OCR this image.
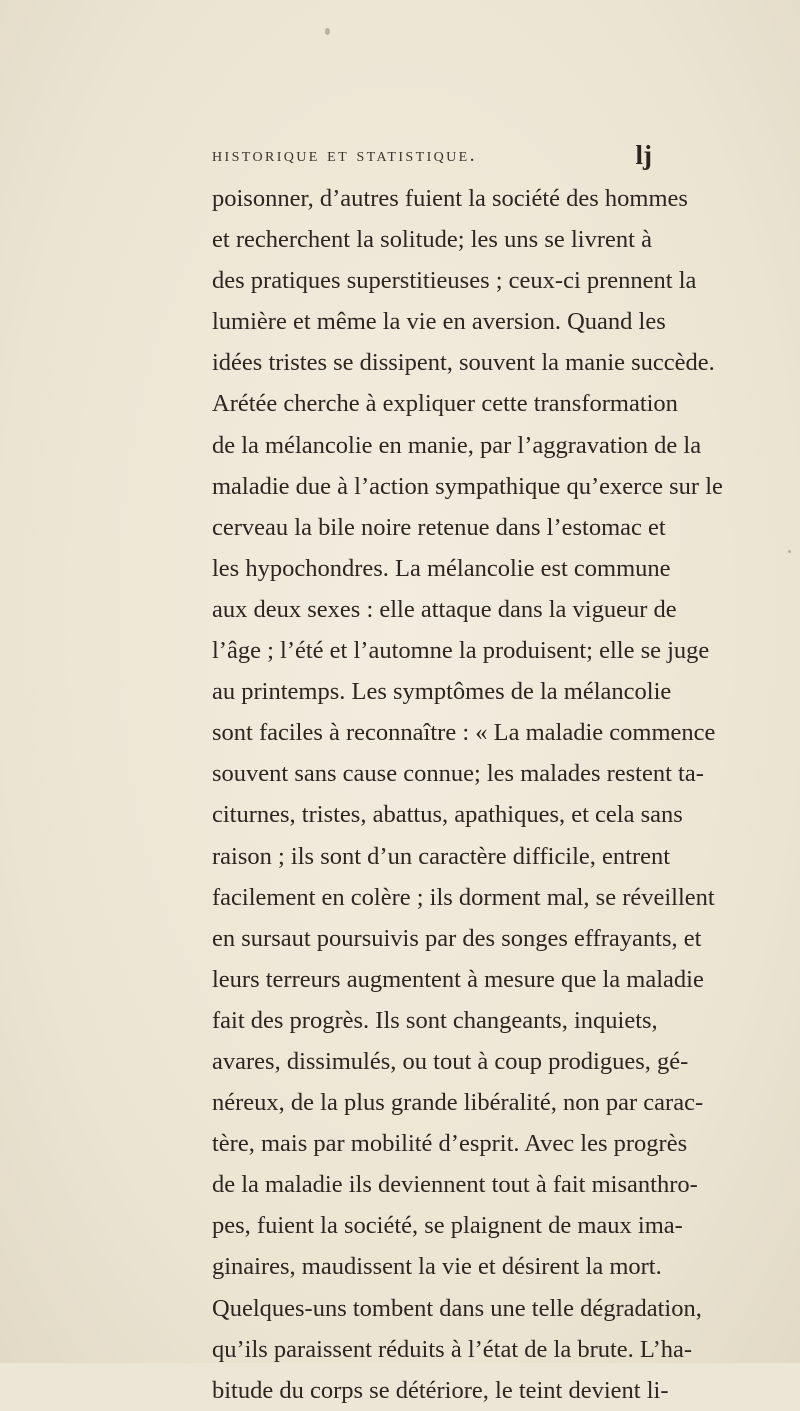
historique et statistique.	lj
poisonner, d’autres fuient la société des hommes
et recherchent la solitude; les uns se livrent à
des pratiques superstitieuses ; ceux-ci prennent la
lumière et même la vie en aversion. Quand les
idées tristes se dissipent, souvent la manie succède.
Arétée cherche à expliquer cette transformation
de la mélancolie en manie, par l’aggravation de la
maladie due à l’action sympathique qu’exerce sur le
cerveau la bile noire retenue dans l’estomac et
les hypochondres. La mélancolie est commune
aux deux sexes : elle attaque dans la vigueur de
l’âge ; l’été et l’automne la produisent; elle se juge
au printemps. Les symptômes de la mélancolie
sont faciles à reconnaître : « La maladie commence
souvent sans cause connue; les malades restent ta-
citurnes, tristes, abattus, apathiques, et cela sans
raison ; ils sont d’un caractère difficile, entrent
facilement en colère ; ils dorment mal, se réveillent
en sursaut poursuivis par des songes effrayants, et
leurs terreurs augmentent à mesure que la maladie
fait des progrès. Ils sont changeants, inquiets,
avares, dissimulés, ou tout à coup prodigues, gé-
néreux, de la plus grande libéralité, non par carac-
tère, mais par mobilité d’esprit. Avec les progrès
de la maladie ils deviennent tout à fait misanthro-
pes, fuient la société, se plaignent de maux ima-
ginaires, maudissent la vie et désirent la mort.
Quelques-uns tombent dans une telle dégradation,
qu’ils paraissent réduits à l’état de la brute. L’ha-
bitude du corps se détériore, le teint devient li-
